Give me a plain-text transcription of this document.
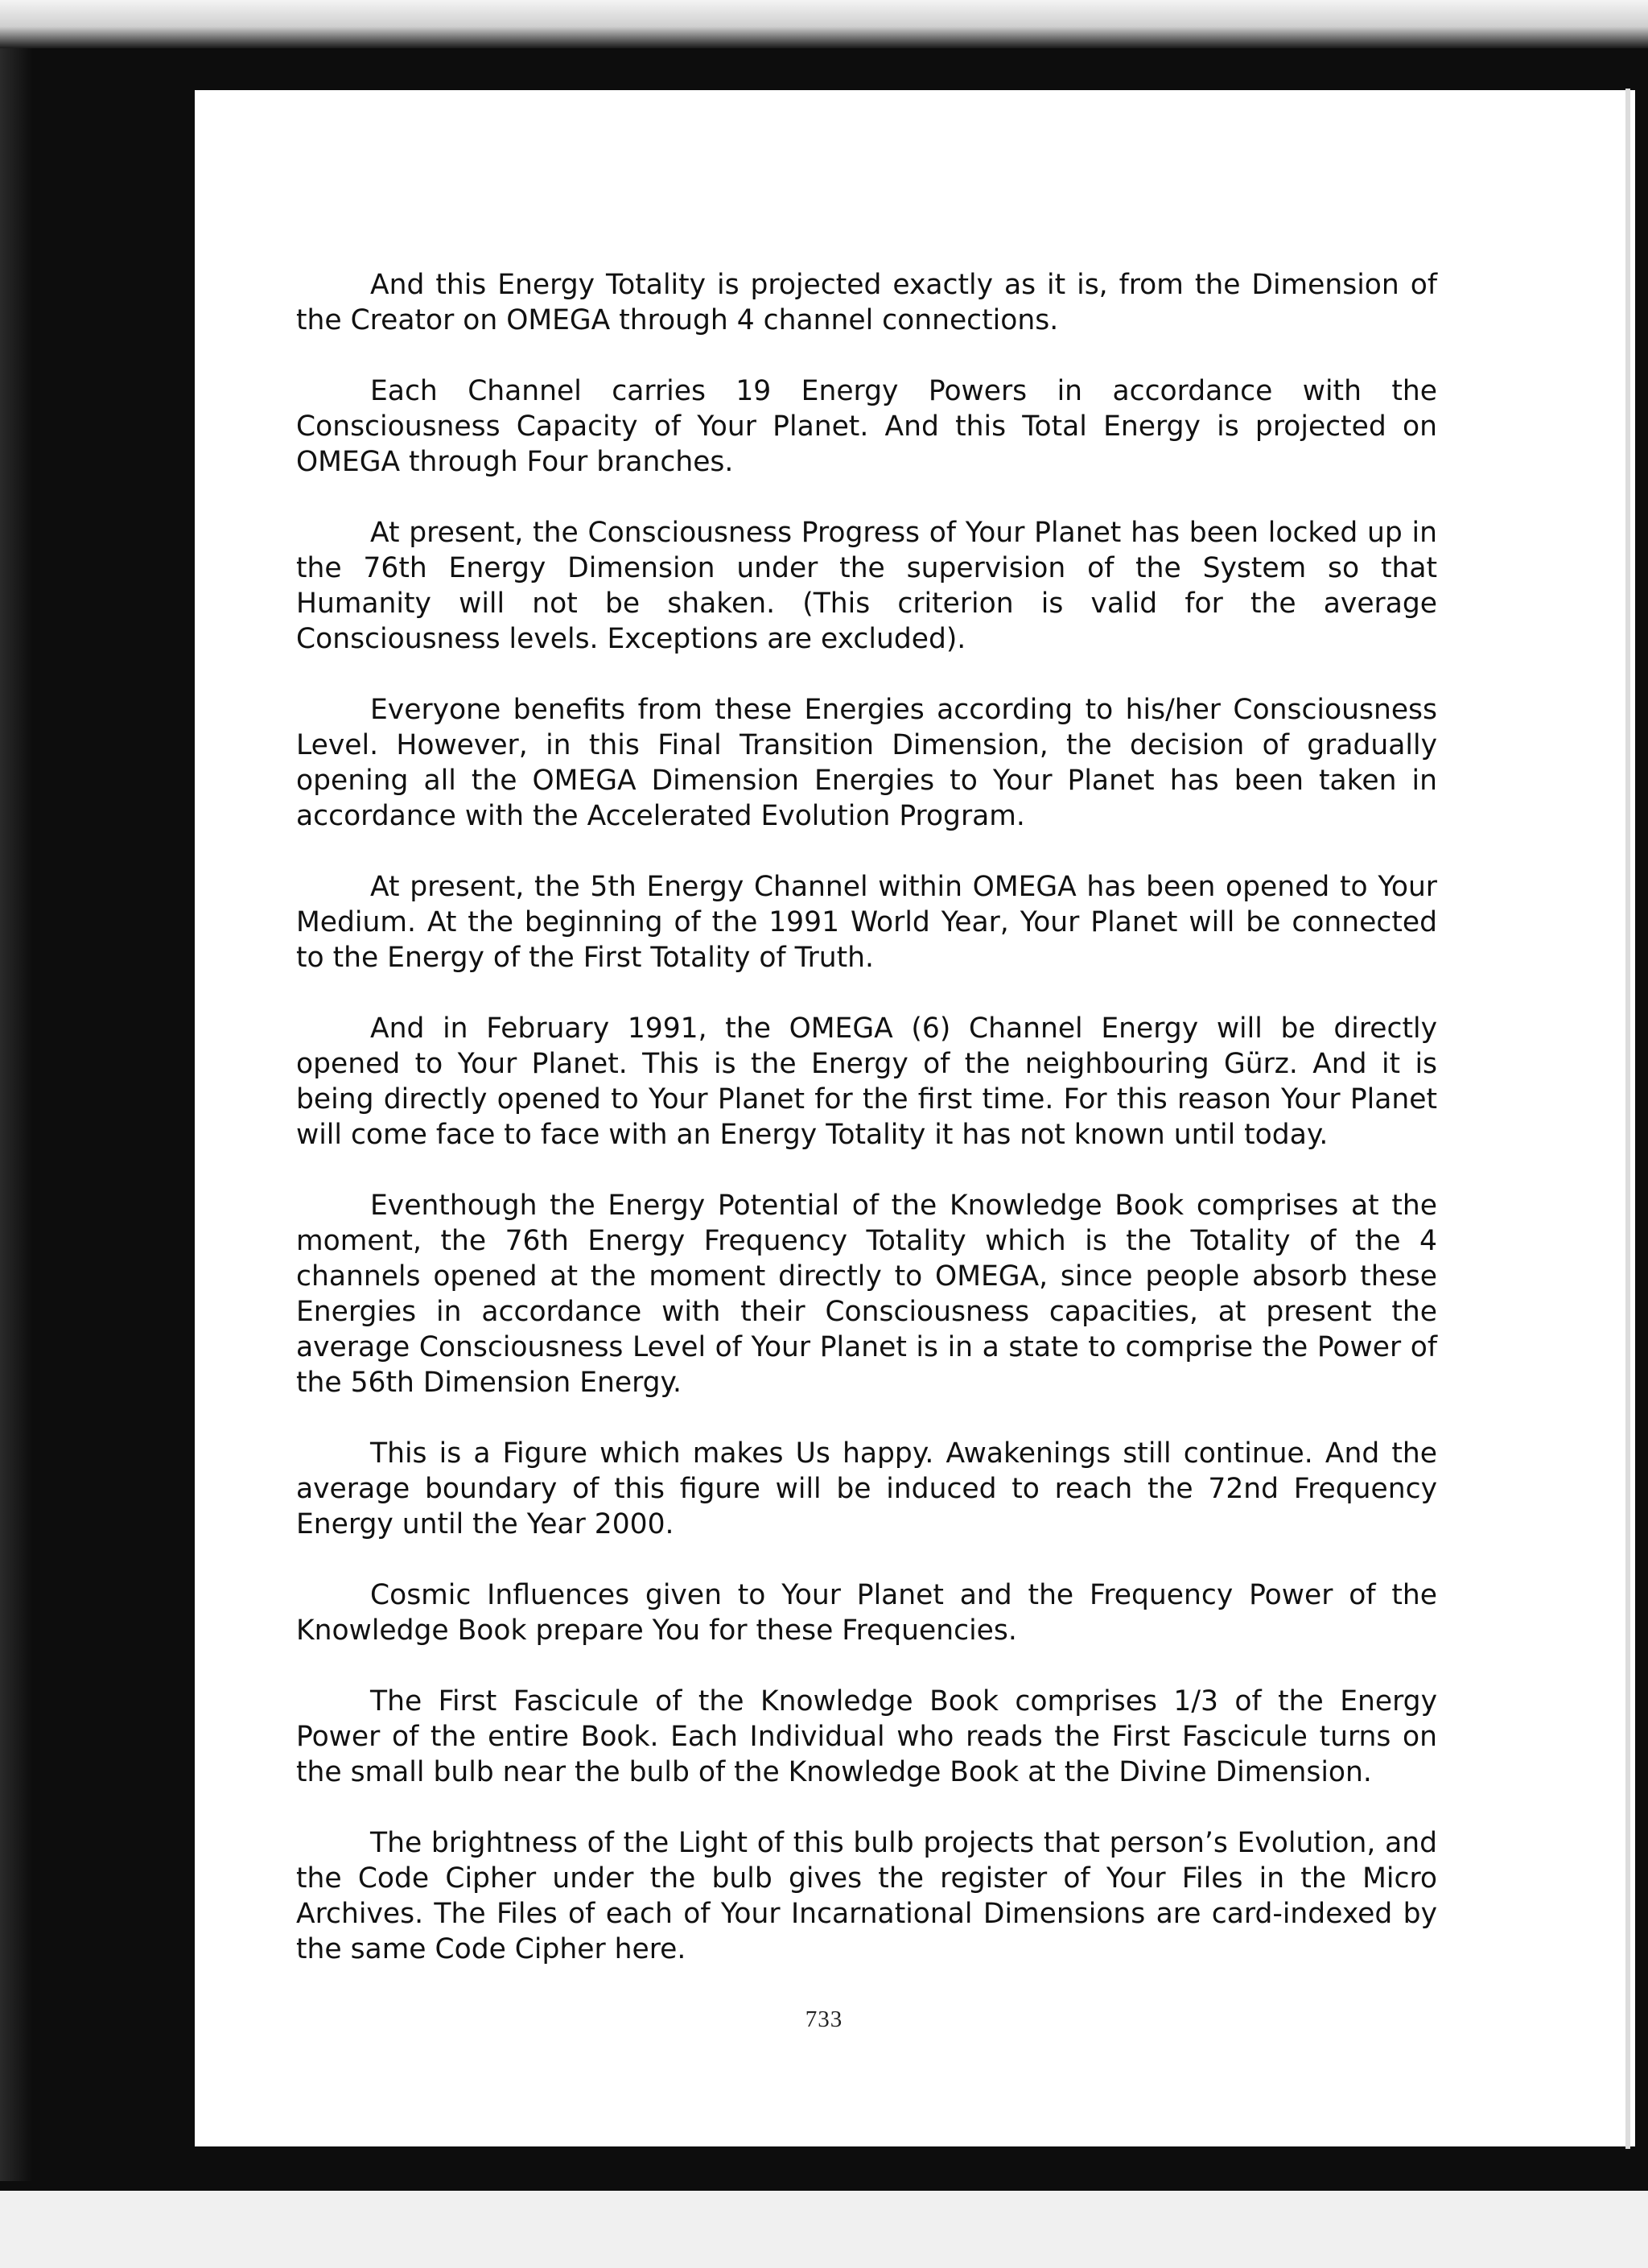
And this Energy Totality is projected exactly as it is, from the Dimension of the Creator on OMEGA through 4 channel connections.

Each Channel carries 19 Energy Powers in accordance with the Consciousness Capacity of Your Planet. And this Total Energy is projected on OMEGA through Four branches.

At present, the Consciousness Progress of Your Planet has been locked up in the 76th Energy Dimension under the supervision of the System so that Humanity will not be shaken. (This criterion is valid for the average Consciousness levels. Exceptions are excluded).

Everyone benefits from these Energies according to his/her Consciousness Level. However, in this Final Transition Dimension, the decision of gradually opening all the OMEGA Dimension Energies to Your Planet has been taken in accordance with the Accelerated Evolution Program.

At present, the 5th Energy Channel within OMEGA has been opened to Your Medium. At the beginning of the 1991 World Year, Your Planet will be connected to the Energy of the First Totality of Truth.

And in February 1991, the OMEGA (6) Channel Energy will be directly opened to Your Planet. This is the Energy of the neighbouring Gürz. And it is being directly opened to Your Planet for the first time. For this reason Your Planet will come face to face with an Energy Totality it has not known until today.

Eventhough the Energy Potential of the Knowledge Book comprises at the moment, the 76th Energy Frequency Totality which is the Totality of the 4 channels opened at the moment directly to OMEGA, since people absorb these Energies in accordance with their Consciousness capacities, at present the average Consciousness Level of Your Planet is in a state to comprise the Power of the 56th Dimension Energy.

This is a Figure which makes Us happy. Awakenings still continue. And the average boundary of this figure will be induced to reach the 72nd Frequency Energy until the Year 2000.

Cosmic Influences given to Your Planet and the Frequency Power of the Knowledge Book prepare You for these Frequencies.

The First Fascicule of the Knowledge Book comprises 1/3 of the Energy Power of the entire Book. Each Individual who reads the First Fascicule turns on the small bulb near the bulb of the Knowledge Book at the Divine Dimension.

The brightness of the Light of this bulb projects that person’s Evolution, and the Code Cipher under the bulb gives the register of Your Files in the Micro Archives. The Files of each of Your Incarnational Dimensions are card-indexed by the same Code Cipher here.

733
